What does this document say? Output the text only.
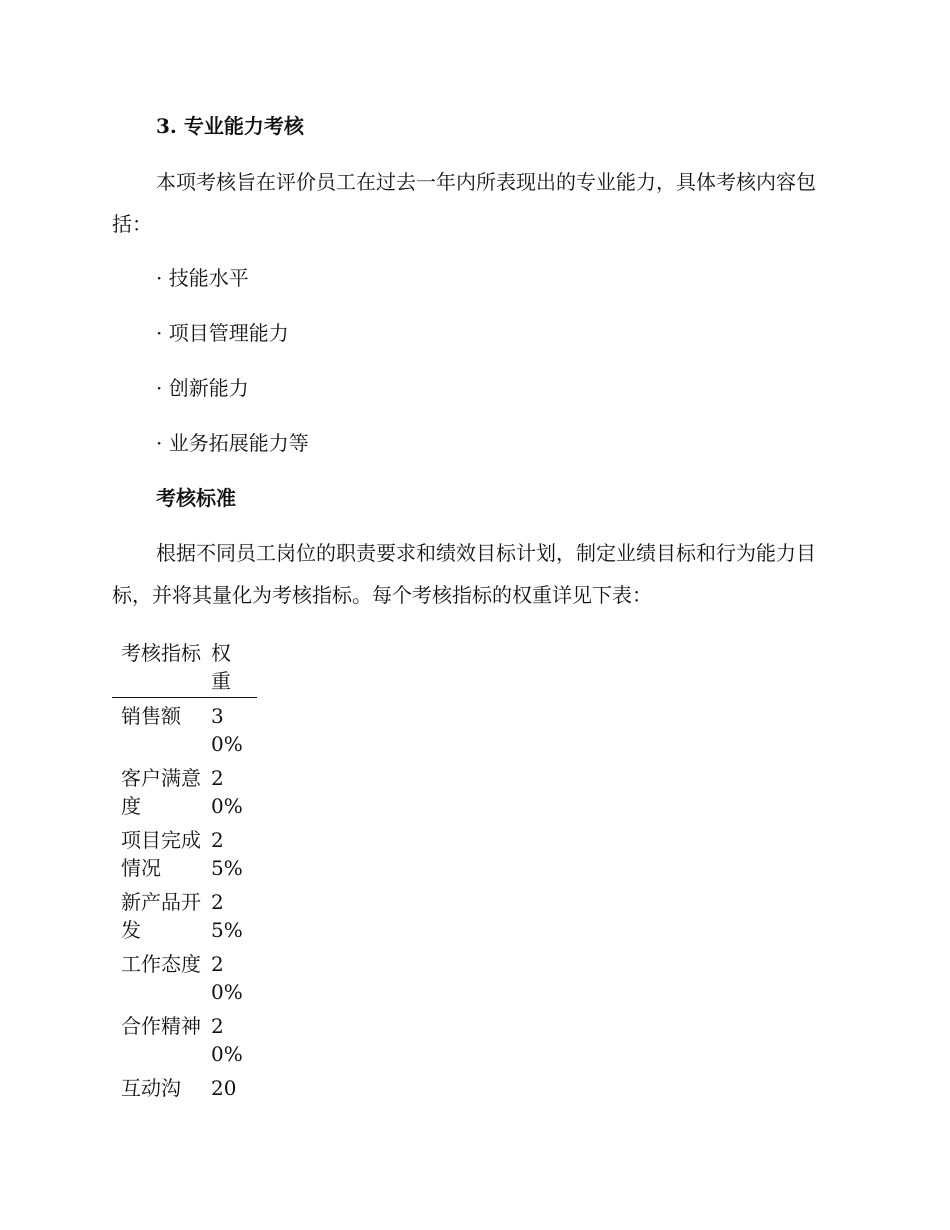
3. 专业能力考核

本项考核旨在评价员工在过去一年内所表现出的专业能力，具体考核内容包括：

· 技能水平

· 项目管理能力

· 创新能力

· 业务拓展能力等

考核标准

根据不同员工岗位的职责要求和绩效目标计划，制定业绩目标和行为能力目标，并将其量化为考核指标。每个考核指标的权重详见下表：

考核指标 权重
销售额	30%
客户满意度
20%
项目完成情况
25%
新产品开发
25%
工作态度 20%
合作精神 20%
互动沟	20
